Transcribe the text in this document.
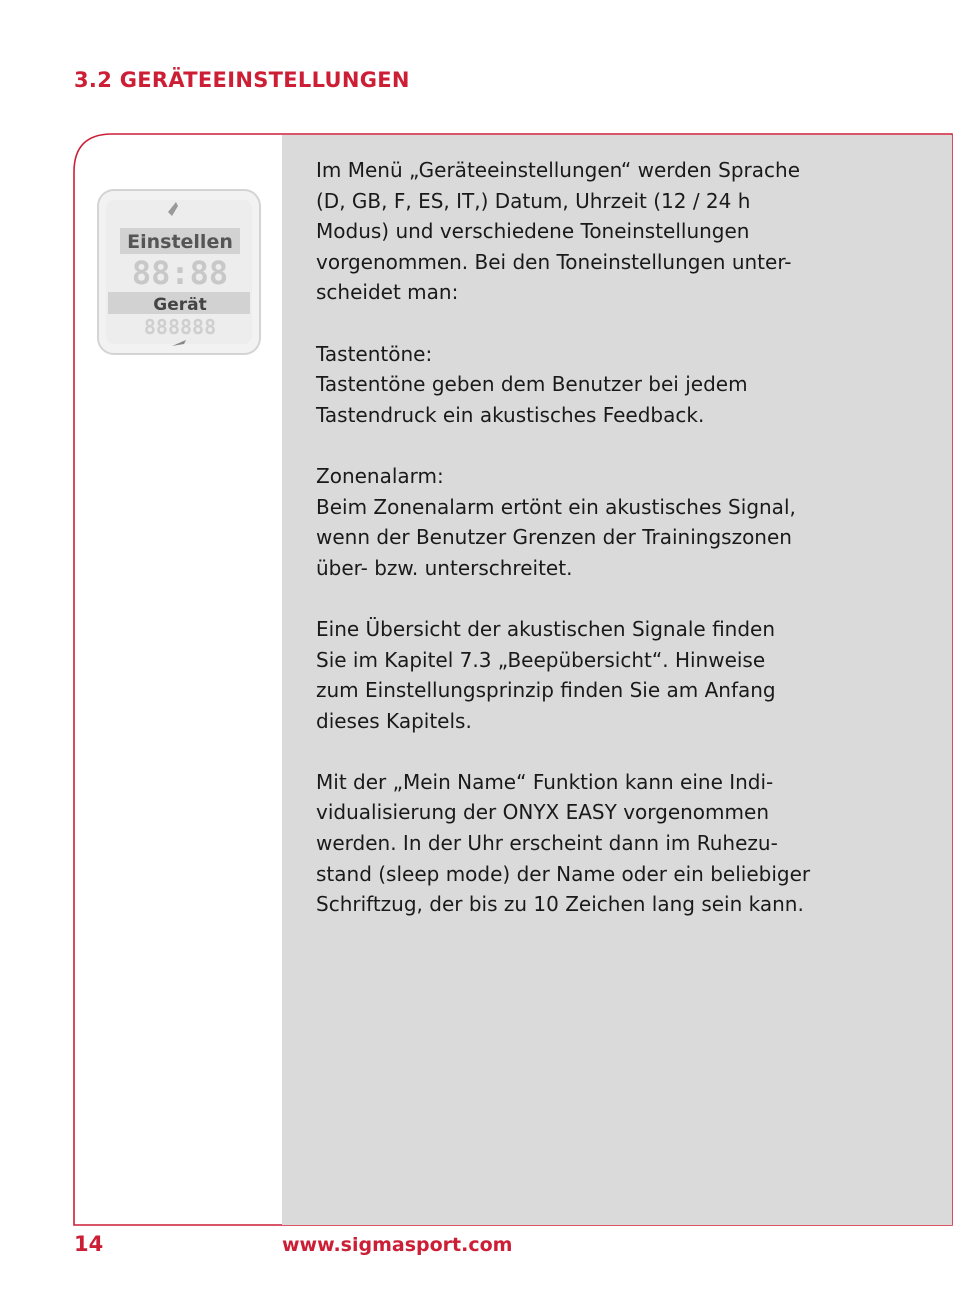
3.2 GERÄTEEINSTELLUNGEN
Einstellen
88:88
Gerät
888888

Im Menü „Geräteeinstellungen“ werden Sprache
(D, GB, F, ES, IT,) Datum, Uhrzeit (12 / 24 h
Modus) und verschiedene Toneinstellungen
vorgenommen. Bei den Toneinstellungen unter-
scheidet man:

Tastentöne:
Tastentöne geben dem Benutzer bei jedem
Tastendruck ein akustisches Feedback.

Zonenalarm:
Beim Zonenalarm ertönt ein akustisches Signal,
wenn der Benutzer Grenzen der Trainingszonen
über- bzw. unterschreitet.

Eine Übersicht der akustischen Signale finden
Sie im Kapitel 7.3 „Beepübersicht“. Hinweise
zum Einstellungsprinzip finden Sie am Anfang
dieses Kapitels.

Mit der „Mein Name“ Funktion kann eine Indi-
vidualisierung der ONYX EASY vorgenommen
werden. In der Uhr erscheint dann im Ruhezu-
stand (sleep mode) der Name oder ein beliebiger
Schriftzug, der bis zu 10 Zeichen lang sein kann.

14	www.sigmasport.com
